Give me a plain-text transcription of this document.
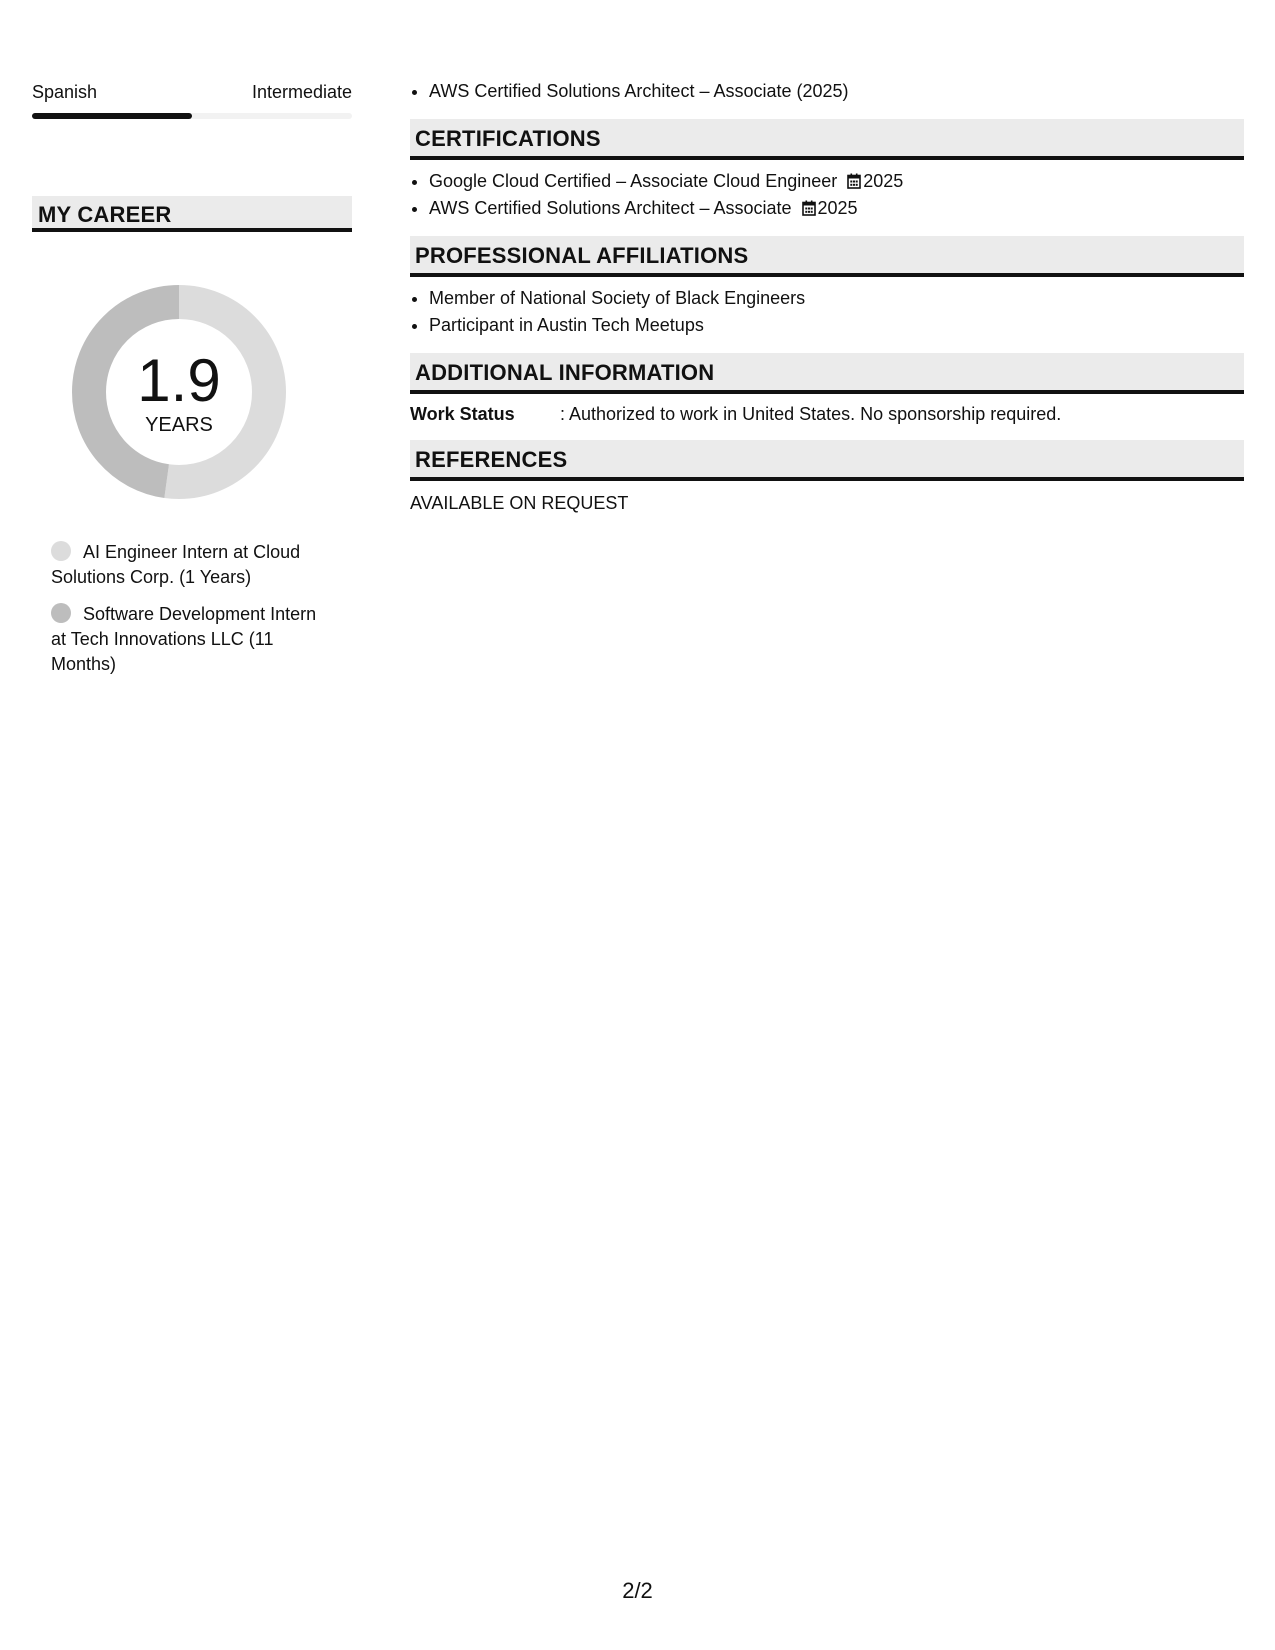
Spanish	Intermediate
MY CAREER
1.9
YEARS
AI Engineer Intern at Cloud Solutions Corp. (1 Years)
Software Development Intern at Tech Innovations LLC (11 Months)
• AWS Certified Solutions Architect – Associate (2025)
CERTIFICATIONS
• Google Cloud Certified – Associate Cloud Engineer 2025
• AWS Certified Solutions Architect – Associate 2025
PROFESSIONAL AFFILIATIONS
• Member of National Society of Black Engineers
• Participant in Austin Tech Meetups
ADDITIONAL INFORMATION
Work Status	: Authorized to work in United States. No sponsorship required.
REFERENCES
AVAILABLE ON REQUEST
2/2
